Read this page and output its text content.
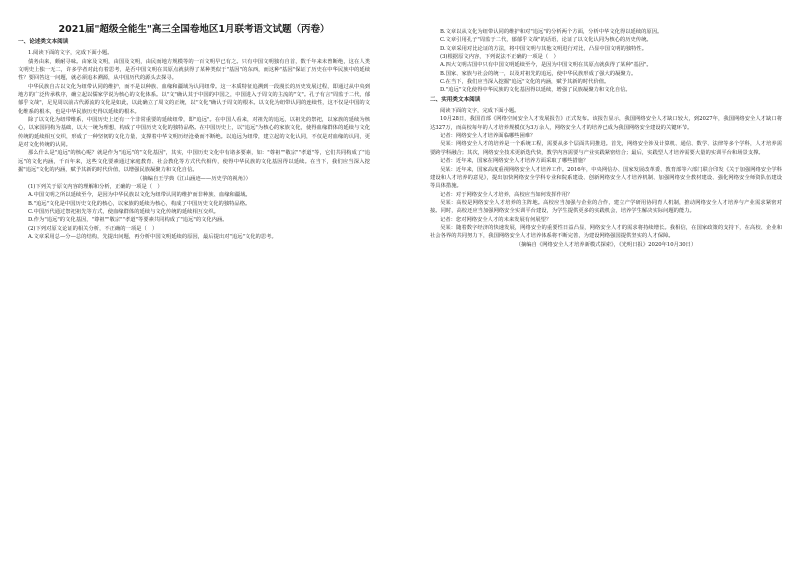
2021届"超级全能生"高三全国卷地区1月联考语文试题（丙卷）
一、论述类文本阅读
1.阅读下面的文字，完成下面小题。
债务由来，颇耐寻味。由家及文明，由国及文明，由民而地方规模等的一百文明早已有之。只有中国文明独有自首，数千年来未曾断绝，这在人类文明史上独一无二，许多学者对此有着思考，是否中国文明在其原点就获得了某种类似于"基因"的东西，而这种"基因"保证了历史在中华民族中的延续性？要回答这一问题，就必须追本溯源，从中国历代的源头去探寻。
中华民族自古以文化为纽带认同的维护，而不是以种族、血缘和疆域为认同纽带。这一本质特征追溯到一段漫长的历史发展过程，即通过从中央到地方的广泛传承秩序，确立起以儒家学说为核心的文化体系。以"文"确认其于中国的中国之，中国进入于周文的主流的"文"。孔子有言"周监于二代，郁郁乎文哉"，足见周以前古代源流的文化是如此，以此确立了周文的正统，以"文化"确认于周文的根本。以文化为纽带认同的连续性，这不仅是中国的文化维系的根本，也是中华民族历史得以延续的根本。
除了以文化为纽带维系，中国历史上还有一个非常重要的延续纽带，即"追远"。在中国人看来，对祖先的追远，以祖先的祭祀，以家族的延续为核心，以家国同构为基础，以大一统为理想，构成了中国历史文化的独特品格。在中国历史上，以"追远"为核心的家族文化，使得血缘群体的延续与文化传统的延续相互交织，形成了一种坚韧的文化力量，支撑着中华文明历经沧桑而不断绝。以追远为纽带，建立起的文化认同，不仅是对血缘的认同，更是对文化传统的认同。
那么什么是"追远"的核心呢？就是作为"追远"的"文化基因"，其实，中国历史文化中有诸多要素，如："尊祖""敬宗""孝道"等，它们共同构成了"追远"的文化内涵，千百年来，这些文化要素通过家庭教育、社会教化等方式代代相传，使得中华民族的文化基因得以延续。在当下，我们应当深入挖掘"追远"文化的内涵，赋予其新的时代价值，以增强民族凝聚力和文化自信。
（摘编自王学典《江山涵迹——历史学的视角》）
(1)下列关于原文内容的理解和分析，正确的一项是（　）
A.中国文明之所以延续至今，是因为中华民族以文化为纽带认同的维护而非种族、血缘和疆域。
B."追远"文化是中国历史文化的核心，以家族的延续为核心，构成了中国历史文化的独特品格。
C.中国历代通过祭祀祖先等方式，使血缘群体的延续与文化传统的延续相互交织。
D.作为"追远"的文化基因，"尊祖""敬宗""孝道"等要素共同构成了"追远"的文化内涵。
(2)下列对原文论证的相关分析，不正确的一项是（　）
A.文章采用总—分—总的结构，先提出问题，再分析中国文明延续的原因，最后提出对"追远"文化的思考。
B.文章以从文化为纽带认同的维护和对"追远"的分析两个方面，分析中华文化得以延续的原因。
C.文章引用孔子"周监于二代，郁郁乎文哉"的话语，论证了以文化认同为核心的历史传统。
D.文章采用对比论证的方法，将中国文明与其他文明进行对比，凸显中国文明的独特性。
(3)根据原文内容，下列说法不正确的一项是（　）
A.四大文明古国中只有中国文明延续至今，是因为中国文明在其原点就获得了某种"基因"。
B.国家、家族与社会的统一，以及对祖先的追远，使中华民族形成了强大的凝聚力。
C.在当下，我们应当深入挖掘"追远"文化的内涵，赋予其新的时代价值。
D."追远"文化使得中华民族的文化基因得以延续，增强了民族凝聚力和文化自信。
二、实用类文本阅读
阅读下面的文字，完成下面小题。
10月28日，我国首部《网络空间安全人才发展报告》正式发布。该报告显示，我国网络安全人才缺口较大，到2027年，我国网络安全人才缺口将达327万，而高校每年的人才培养规模仅为3万余人，网络安全人才的培养已成为我国网络安全建设的关键环节。
记者：网络安全人才培养面临哪些困难？
吴某：网络安全人才的培养是一个系统工程，需要从多个层面共同推进。首先，网络安全涉及计算机、通信、数学、法律等多个学科，人才培养需要跨学科融合；其次，网络安全技术更新迭代快，教学内容需要与产业实践紧密结合；最后，实践型人才培养需要大量的实训平台和场景支撑。
记者：近年来，国家在网络安全人才培养方面采取了哪些措施？
吴某：近年来，国家高度重视网络安全人才培养工作。2016年，中央网信办、国家发展改革委、教育部等六部门联合印发《关于加强网络安全学科建设和人才培养的意见》，提出加快网络安全学科专业和院系建设、创新网络安全人才培养机制、加强网络安全教材建设、强化网络安全师资队伍建设等具体措施。
记者：对于网络安全人才培养，高校应当如何发挥作用？
吴某：高校是网络安全人才培养的主阵地。高校应当加强与企业的合作，建立产学研用协同育人机制，推动网络安全人才培养与产业需求紧密对接。同时，高校还应当加强网络安全实训平台建设，为学生提供更多的实践机会，培养学生解决实际问题的能力。
记者：您对网络安全人才的未来发展有何展望？
吴某：随着数字经济的快速发展，网络安全的重要性日益凸显，网络安全人才的需求将持续增长。我相信，在国家政策的支持下，在高校、企业和社会各界的共同努力下，我国网络安全人才培养体系将不断完善，为建设网络强国提供坚实的人才保障。
（摘编自《网络安全人才培养新模式探索》，《光明日报》2020年10月30日）
